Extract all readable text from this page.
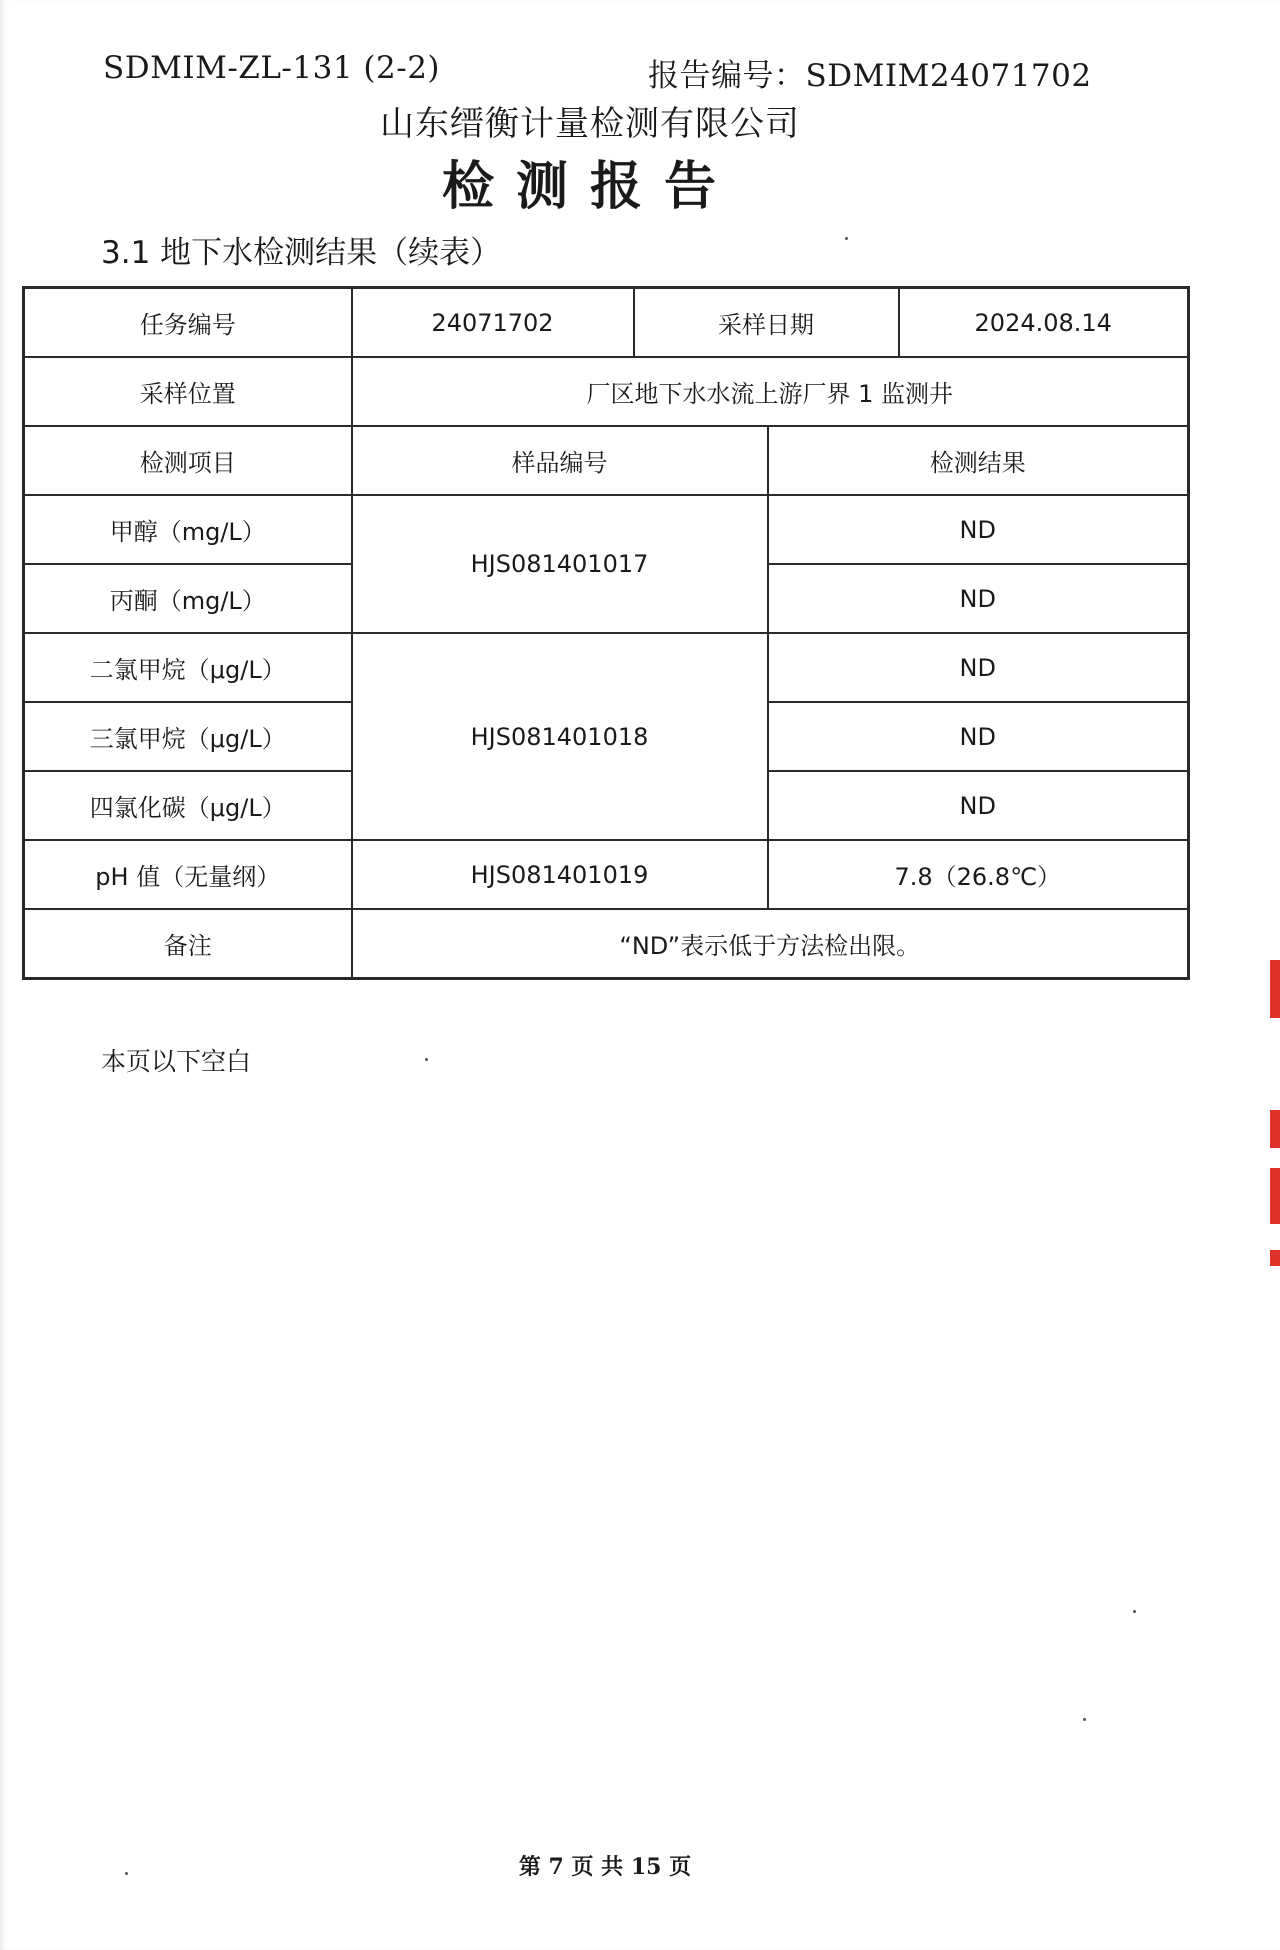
SDMIM-ZL-131 (2-2)	报告编号：SDMIM24071702
山东缙衡计量检测有限公司
检测报告
3.1 地下水检测结果（续表）
任务编号	24071702	采样日期		2024.08.14
采样位置	厂区地下水水流上游厂界 1 监测井			
检测项目	样品编号		检测结果	
甲醇（mg/L）	HJS081401017		ND	
丙酮（mg/L）			ND	
二氯甲烷（μg/L）	HJS081401018		ND	
三氯甲烷（μg/L）			ND	
四氯化碳（μg/L）			ND	
pH 值（无量纲）	HJS081401019		7.8（26.8℃）	
备注	“ND”表示低于方法检出限。			
本页以下空白
第 7 页 共 15 页
